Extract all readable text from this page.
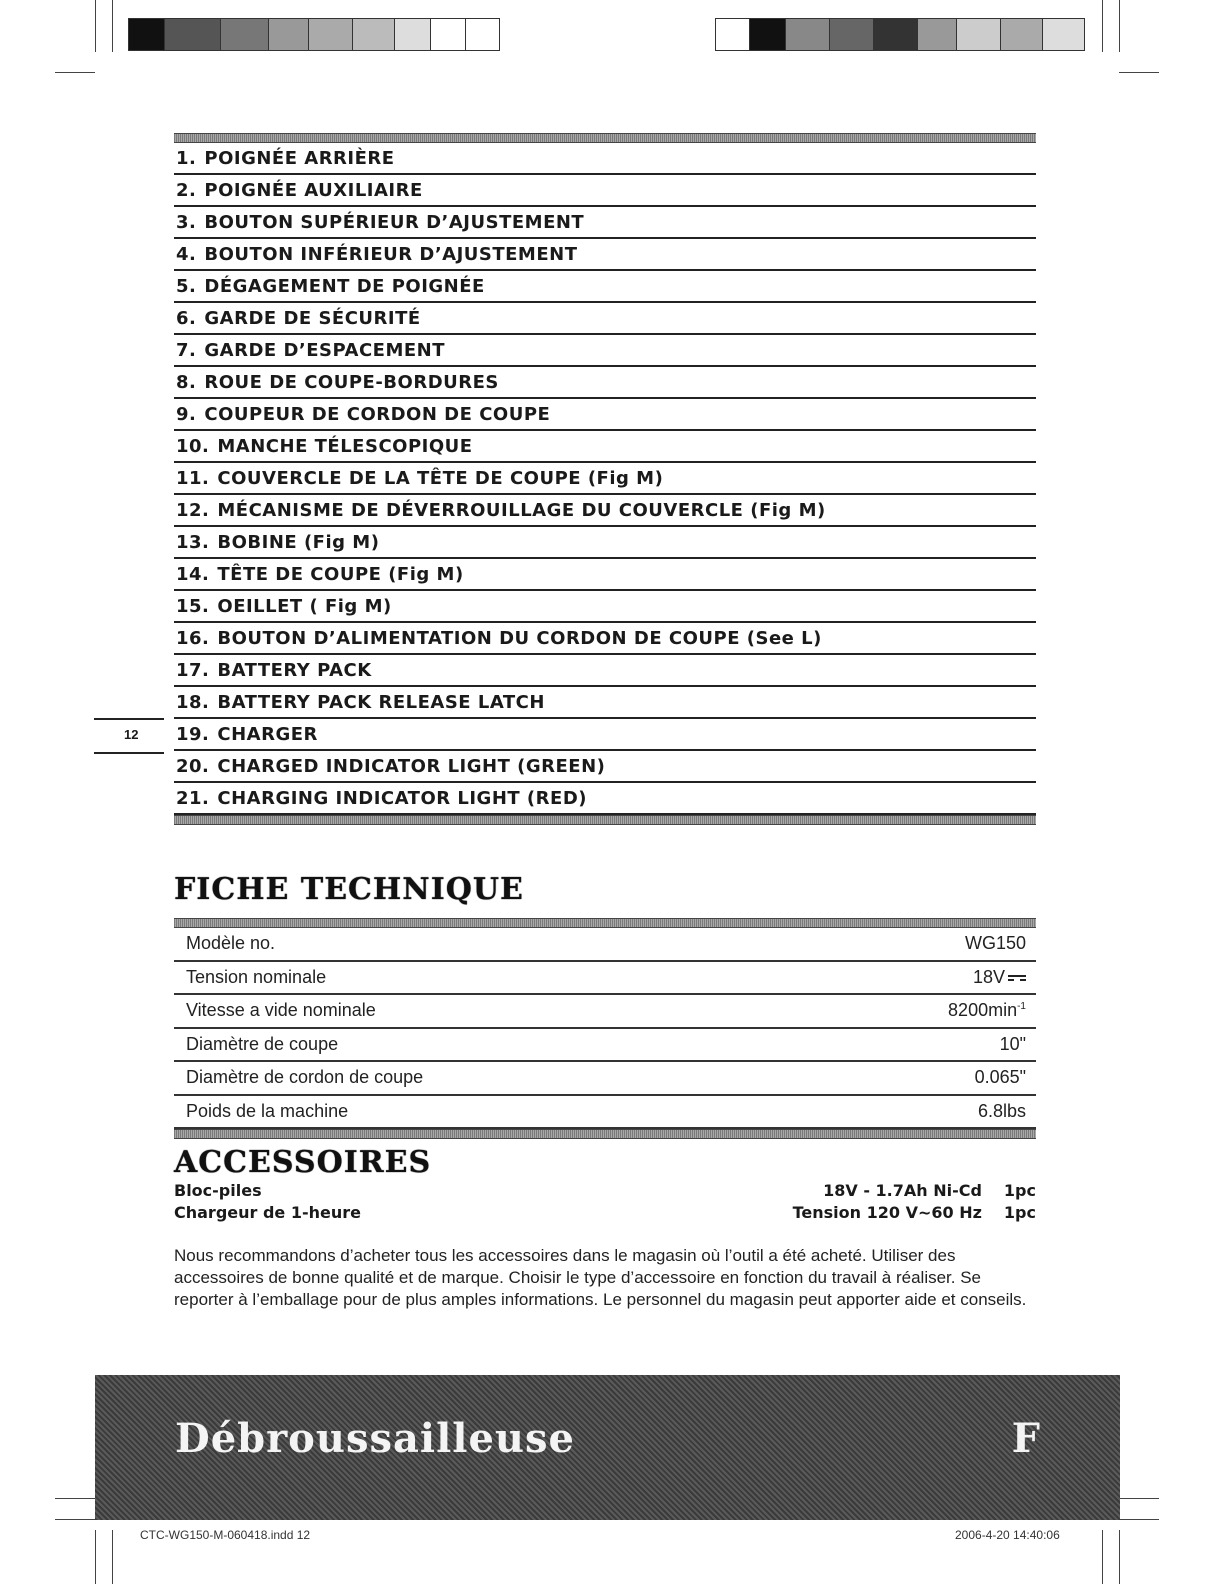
1. POIGNÉE ARRIÈRE
2. POIGNÉE AUXILIAIRE
3. BOUTON SUPÉRIEUR D’AJUSTEMENT
4. BOUTON INFÉRIEUR D’AJUSTEMENT
5. DÉGAGEMENT DE POIGNÉE
6. GARDE DE SÉCURITÉ
7. GARDE D’ESPACEMENT
8. ROUE DE COUPE-BORDURES
9. COUPEUR DE CORDON DE COUPE
10. MANCHE TÉLESCOPIQUE
11. COUVERCLE DE LA TÊTE DE COUPE (Fig M)
12. MÉCANISME DE DÉVERROUILLAGE DU COUVERCLE (Fig M)
13. BOBINE (Fig M)
14. TÊTE DE COUPE (Fig M)
15. OEILLET ( Fig M)
16. BOUTON D’ALIMENTATION DU CORDON DE COUPE (See L)
17. BATTERY PACK
18. BATTERY PACK RELEASE LATCH
19. CHARGER
20. CHARGED INDICATOR LIGHT (GREEN)
21. CHARGING INDICATOR LIGHT (RED)
12
FICHE TECHNIQUE
Modèle no.	WG150
Tension nominale	18V
Vitesse a vide nominale	$8200\min^{-1}$
Diamètre de coupe	10"
Diamètre de cordon de coupe	0.065"
Poids de la machine	6.8lbs
ACCESSOIRES
Bloc-piles	18V - 1.7Ah Ni-Cd 1pc
Chargeur de 1-heure	Tension 120 V~60 Hz 1pc
Nous recommandons d’acheter tous les accessoires dans le magasin où l’outil a été acheté. Utiliser des accessoires de bonne qualité et de marque. Choisir le type d’accessoire en fonction du travail à réaliser. Se reporter à l’emballage pour de plus amples informations. Le personnel du magasin peut apporter aide et conseils.
Débroussailleuse	F
CTC-WG150-M-060418.indd 12	2006-4-20 14:40:06
